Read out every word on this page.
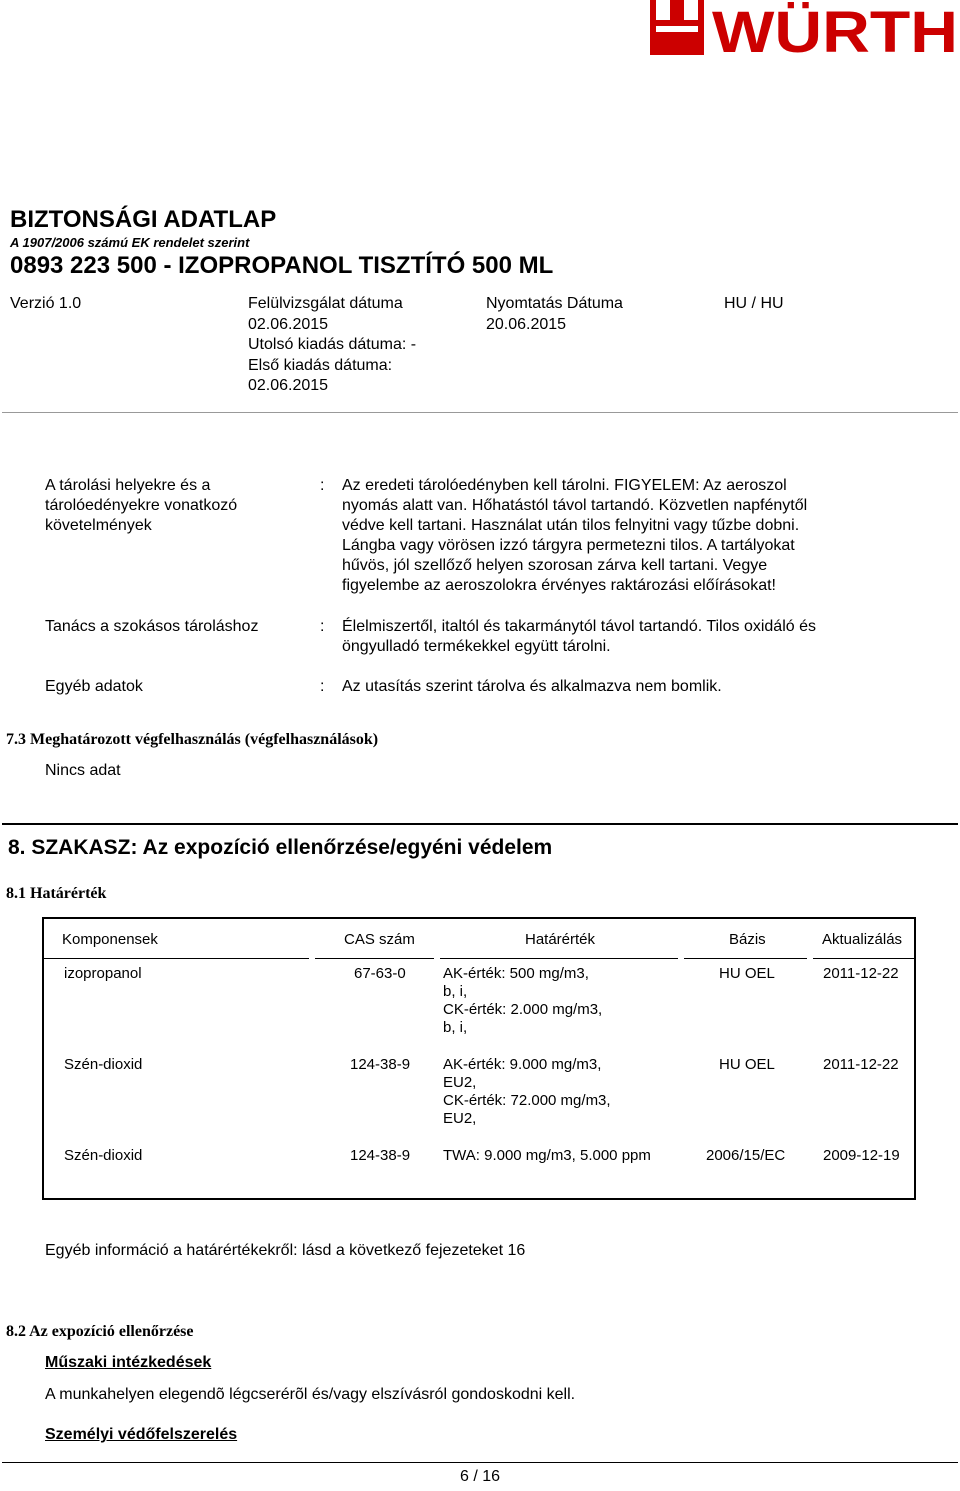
WÜRTH
BIZTONSÁGI ADATLAP
A 1907/2006 számú EK rendelet szerint
0893 223 500 - IZOPROPANOL TISZTÍTÓ 500 ML
Verzió 1.0	Felülvizsgálat dátuma
02.06.2015
Utolsó kiadás dátuma: -
Első kiadás dátuma:
02.06.2015
Nyomtatás Dátuma
20.06.2015
HU / HU
A tárolási helyekre és a
tárolóedényekre vonatkozó
követelmények
: Az eredeti tárolóedényben kell tárolni. FIGYELEM: Az aeroszol
nyomás alatt van. Hőhatástól távol tartandó. Közvetlen napfénytől
védve kell tartani. Használat után tilos felnyitni vagy tűzbe dobni.
Lángba vagy vörösen izzó tárgyra permetezni tilos. A tartályokat
hűvös, jól szellőző helyen szorosan zárva kell tartani. Vegye
figyelembe az aeroszolokra érvényes raktározási előírásokat!
Tanács a szokásos tároláshoz	: Élelmiszertől, italtól és takarmánytól távol tartandó. Tilos oxidáló és
öngyulladó termékekkel együtt tárolni.
Egyéb adatok	: Az utasítás szerint tárolva és alkalmazva nem bomlik.
7.3 Meghatározott végfelhasználás (végfelhasználások)
Nincs adat
8. SZAKASZ: Az expozíció ellenőrzése/egyéni védelem
8.1 Határérték
Komponensek	CAS szám	Határérték	Bázis	Aktualizálás
izopropanol	67-63-0 AK-érték: 500 mg/m3,
b, i,
CK-érték: 2.000 mg/m3,
b, i,
HU OEL	2011-12-22
Szén-dioxid	124-38-9 AK-érték: 9.000 mg/m3,
EU2,
CK-érték: 72.000 mg/m3,
EU2,
HU OEL	2011-12-22
Szén-dioxid	124-38-9 TWA: 9.000 mg/m3, 5.000 ppm	2006/15/EC	2009-12-19
Egyéb információ a határértékekről: lásd a következő fejezeteket 16
8.2 Az expozíció ellenőrzése
Műszaki intézkedések
A munkahelyen elegendõ légcserérõl és/vagy elszívásról gondoskodni kell.
Személyi védőfelszerelés
6 / 16
